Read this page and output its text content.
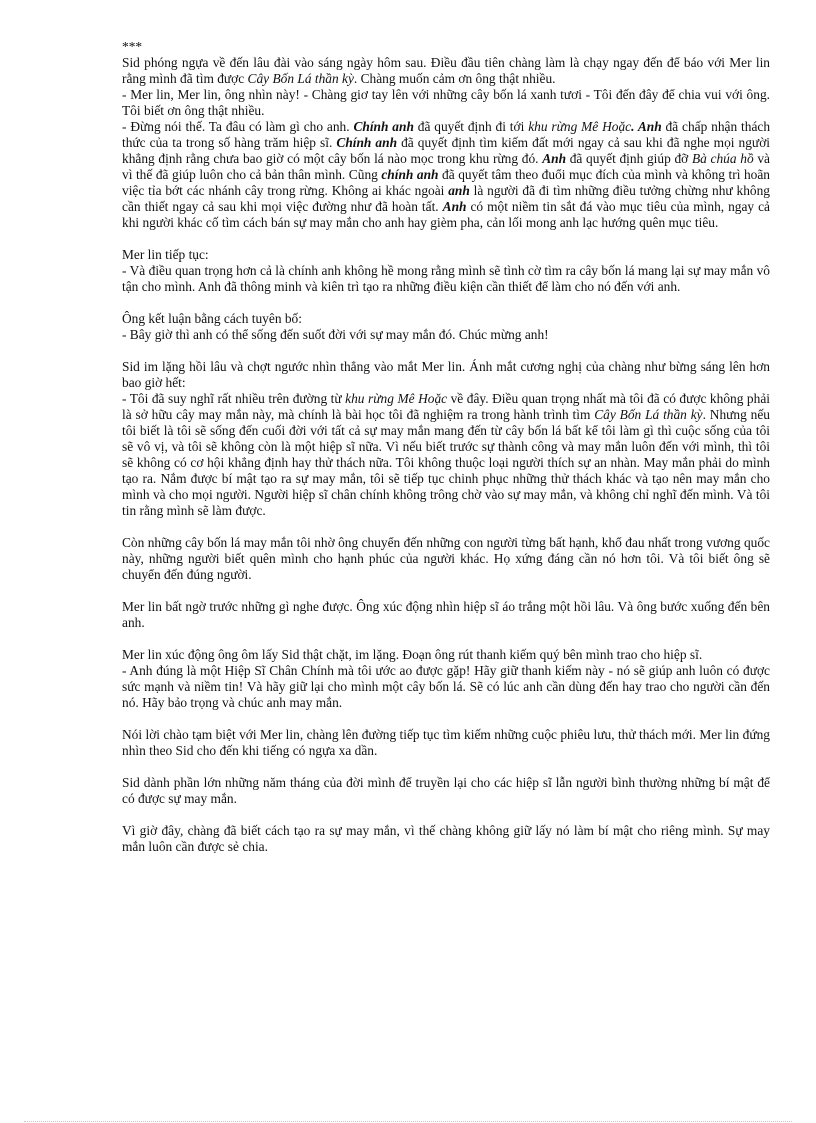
***

Sid phóng ngựa về đến lâu đài vào sáng ngày hôm sau. Điều đầu tiên chàng làm là chạy ngay đến để báo với Mer lin rằng mình đã tìm được Cây Bốn Lá thần kỳ. Chàng muốn cảm ơn ông thật nhiều.

- Mer lin, Mer lin, ông nhìn này! - Chàng giơ tay lên với những cây bốn lá xanh tươi - Tôi đến đây để chia vui với ông. Tôi biết ơn ông thật nhiều.

- Đừng nói thế. Ta đâu có làm gì cho anh. Chính anh đã quyết định đi tới khu rừng Mê Hoặc. Anh đã chấp nhận thách thức của ta trong số hàng trăm hiệp sĩ. Chính anh đã quyết định tìm kiếm đất mới ngay cả sau khi đã nghe mọi người khẳng định rằng chưa bao giờ có một cây bốn lá nào mọc trong khu rừng đó. Anh đã quyết định giúp đỡ Bà chúa hồ và vì thế đã giúp luôn cho cả bản thân mình. Cũng chính anh đã quyết tâm theo đuổi mục đích của mình và không trì hoãn việc tỉa bớt các nhánh cây trong rừng. Không ai khác ngoài anh là người đã đi tìm những điều tưởng chừng như không cần thiết ngay cả sau khi mọi việc đường như đã hoàn tất. Anh có một niềm tin sắt đá vào mục tiêu của mình, ngay cả khi người khác cố tìm cách bán sự may mắn cho anh hay gièm pha, cản lối mong anh lạc hướng quên mục tiêu.

Mer lin tiếp tục:

- Và điều quan trọng hơn cả là chính anh không hề mong rằng mình sẽ tình cờ tìm ra cây bốn lá mang lại sự may mắn vô tận cho mình. Anh đã thông minh và kiên trì tạo ra những điều kiện cần thiết để làm cho nó đến với anh.

Ông kết luận bằng cách tuyên bố:

- Bây giờ thì anh có thể sống đến suốt đời với sự may mắn đó. Chúc mừng anh!

Sid im lặng hồi lâu và chợt ngước nhìn thẳng vào mắt Mer lin. Ánh mắt cương nghị của chàng như bừng sáng lên hơn bao giờ hết:

- Tôi đã suy nghĩ rất nhiều trên đường từ khu rừng Mê Hoặc về đây. Điều quan trọng nhất mà tôi đã có được không phải là sở hữu cây may mắn này, mà chính là bài học tôi đã nghiệm ra trong hành trình tìm Cây Bốn Lá thần kỳ. Nhưng nếu tôi biết là tôi sẽ sống đến cuối đời với tất cả sự may mắn mang đến từ cây bốn lá bất kể tôi làm gì thì cuộc sống của tôi sẽ vô vị, và tôi sẽ không còn là một hiệp sĩ nữa. Vì nếu biết trước sự thành công và may mắn luôn đến với mình, thì tôi sẽ không có cơ hội khẳng định hay thử thách nữa. Tôi không thuộc loại người thích sự an nhàn. May mắn phải do mình tạo ra. Nắm được bí mật tạo ra sự may mắn, tôi sẽ tiếp tục chinh phục những thử thách khác và tạo nên may mắn cho mình và cho mọi người. Người hiệp sĩ chân chính không trông chờ vào sự may mắn, và không chỉ nghĩ đến mình. Và tôi tin rằng mình sẽ làm được.

Còn những cây bốn lá may mắn tôi nhờ ông chuyển đến những con người từng bất hạnh, khổ đau nhất trong vương quốc này, những người biết quên mình cho hạnh phúc của người khác. Họ xứng đáng cần nó hơn tôi. Và tôi biết ông sẽ chuyển đến đúng người.

Mer lin bất ngờ trước những gì nghe được. Ông xúc động nhìn hiệp sĩ áo trắng một hồi lâu. Và ông bước xuống đến bên anh.

Mer lin xúc động ông ôm lấy Sid thật chặt, im lặng. Đoạn ông rút thanh kiếm quý bên mình trao cho hiệp sĩ.

- Anh đúng là một Hiệp Sĩ Chân Chính mà tôi ước ao được gặp! Hãy giữ thanh kiếm này - nó sẽ giúp anh luôn có được sức mạnh và niềm tin! Và hãy giữ lại cho mình một cây bốn lá. Sẽ có lúc anh cần dùng đến hay trao cho người cần đến nó. Hãy bảo trọng và chúc anh may mắn.

Nói lời chào tạm biệt với Mer lin, chàng lên đường tiếp tục tìm kiếm những cuộc phiêu lưu, thử thách mới. Mer lin đứng nhìn theo Sid cho đến khi tiếng có ngựa xa dần.

Sid dành phần lớn những năm tháng của đời mình để truyền lại cho các hiệp sĩ lẫn người bình thường những bí mật để có được sự may mắn.

Vì giờ đây, chàng đã biết cách tạo ra sự may mắn, vì thế chàng không giữ lấy nó làm bí mật cho riêng mình. Sự may mắn luôn cần được sẻ chia.
